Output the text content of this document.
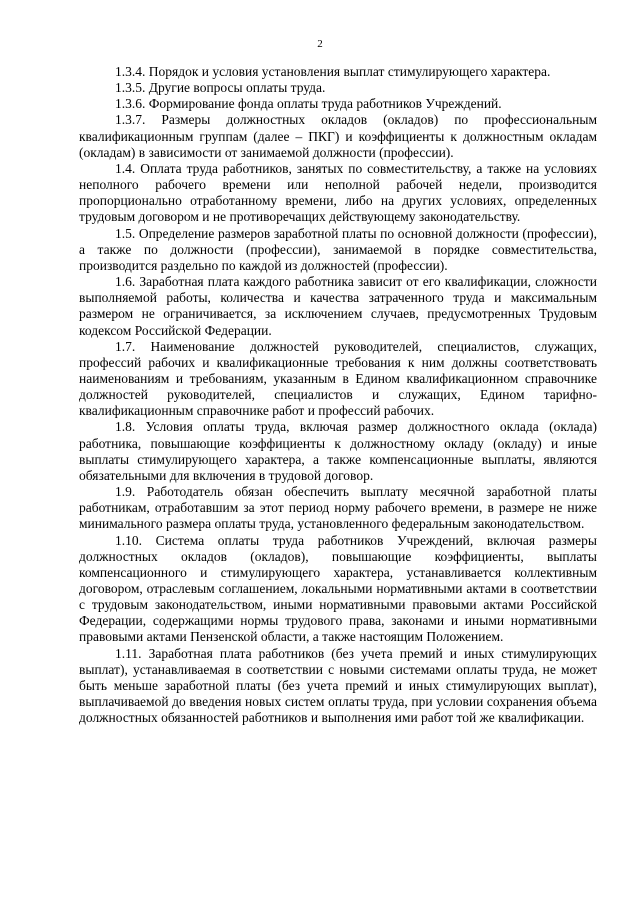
2

1.3.4. Порядок и условия установления выплат стимулирующего характера.

1.3.5. Другие вопросы оплаты труда.

1.3.6. Формирование фонда оплаты труда работников Учреждений.

1.3.7. Размеры должностных окладов (окладов) по профессиональным квалификационным группам (далее – ПКГ) и коэффициенты к должностным окладам (окладам) в зависимости от занимаемой должности (профессии).

1.4. Оплата труда работников, занятых по совместительству, а также на условиях неполного рабочего времени или неполной рабочей недели, производится пропорционально отработанному времени, либо на других условиях, определенных трудовым договором и не противоречащих действующему законодательству.

1.5. Определение размеров заработной платы по основной должности (профессии), а также по должности (профессии), занимаемой в порядке совместительства, производится раздельно по каждой из должностей (профессии).

1.6. Заработная плата каждого работника зависит от его квалификации, сложности выполняемой работы, количества и качества затраченного труда и максимальным размером не ограничивается, за исключением случаев, предусмотренных Трудовым кодексом Российской Федерации.

1.7. Наименование должностей руководителей, специалистов, служащих, профессий рабочих и квалификационные требования к ним должны соответствовать наименованиям и требованиям, указанным в Едином квалификационном справочнике должностей руководителей, специалистов и служащих, Едином тарифно-квалификационным справочнике работ и профессий рабочих.

1.8. Условия оплаты труда, включая размер должностного оклада (оклада) работника, повышающие коэффициенты к должностному окладу (окладу) и иные выплаты стимулирующего характера, а также компенсационные выплаты, являются обязательными для включения в трудовой договор.

1.9. Работодатель обязан обеспечить выплату месячной заработной платы работникам, отработавшим за этот период норму рабочего времени, в размере не ниже минимального размера оплаты труда, установленного федеральным законодательством.

1.10. Система оплаты труда работников Учреждений, включая размеры должностных окладов (окладов), повышающие коэффициенты, выплаты компенсационного и стимулирующего характера, устанавливается коллективным договором, отраслевым соглашением, локальными нормативными актами в соответствии с трудовым законодательством, иными нормативными правовыми актами Российской Федерации, содержащими нормы трудового права, законами и иными нормативными правовыми актами Пензенской области, а также настоящим Положением.

1.11. Заработная плата работников (без учета премий и иных стимулирующих выплат), устанавливаемая в соответствии с новыми системами оплаты труда, не может быть меньше заработной платы (без учета премий и иных стимулирующих выплат), выплачиваемой до введения новых систем оплаты труда, при условии сохранения объема должностных обязанностей работников и выполнения ими работ той же квалификации.
